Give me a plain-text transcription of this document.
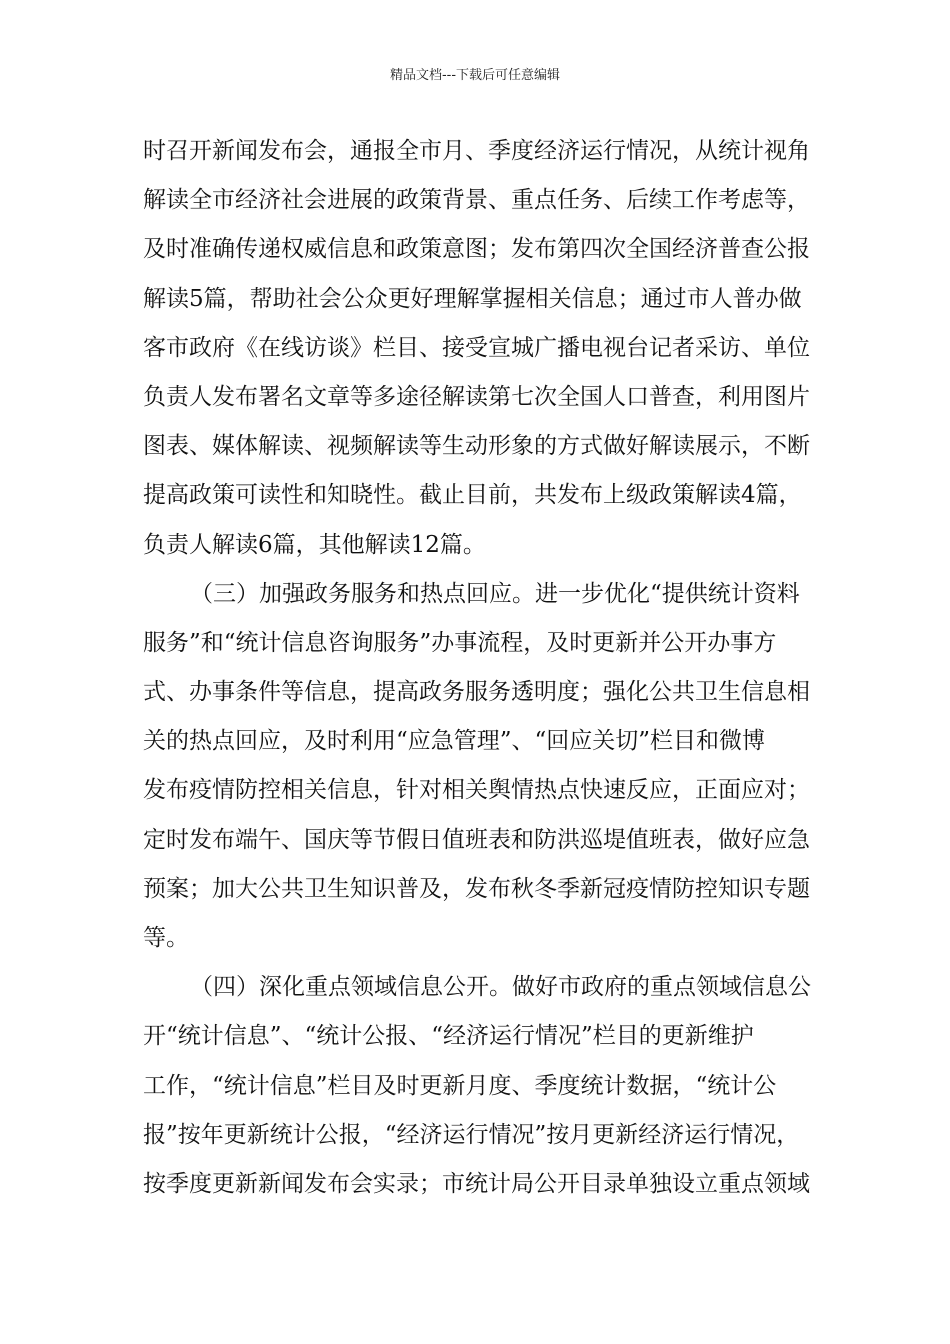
精品文档---下载后可任意编辑
时召开新闻发布会，通报全市月、季度经济运行情况，从统计视角
解读全市经济社会进展的政策背景、重点任务、后续工作考虑等，
及时准确传递权威信息和政策意图；发布第四次全国经济普查公报
解读5篇，帮助社会公众更好理解掌握相关信息；通过市人普办做
客市政府《在线访谈》栏目、接受宣城广播电视台记者采访、单位
负责人发布署名文章等多途径解读第七次全国人口普查，利用图片
图表、媒体解读、视频解读等生动形象的方式做好解读展示，不断
提高政策可读性和知晓性。截止目前，共发布上级政策解读4篇，
负责人解读6篇，其他解读12篇。
（三）加强政务服务和热点回应。进一步优化“提供统计资料
服务”和“统计信息咨询服务”办事流程，及时更新并公开办事方
式、办事条件等信息，提高政务服务透明度；强化公共卫生信息相
关的热点回应，及时利用“应急管理”、“回应关切”栏目和微博
发布疫情防控相关信息，针对相关舆情热点快速反应，正面应对；
定时发布端午、国庆等节假日值班表和防洪巡堤值班表，做好应急
预案；加大公共卫生知识普及，发布秋冬季新冠疫情防控知识专题
等。
（四）深化重点领域信息公开。做好市政府的重点领域信息公
开“统计信息”、“统计公报、“经济运行情况”栏目的更新维护
工作，“统计信息”栏目及时更新月度、季度统计数据，“统计公
报”按年更新统计公报，“经济运行情况”按月更新经济运行情况，
按季度更新新闻发布会实录；市统计局公开目录单独设立重点领域
